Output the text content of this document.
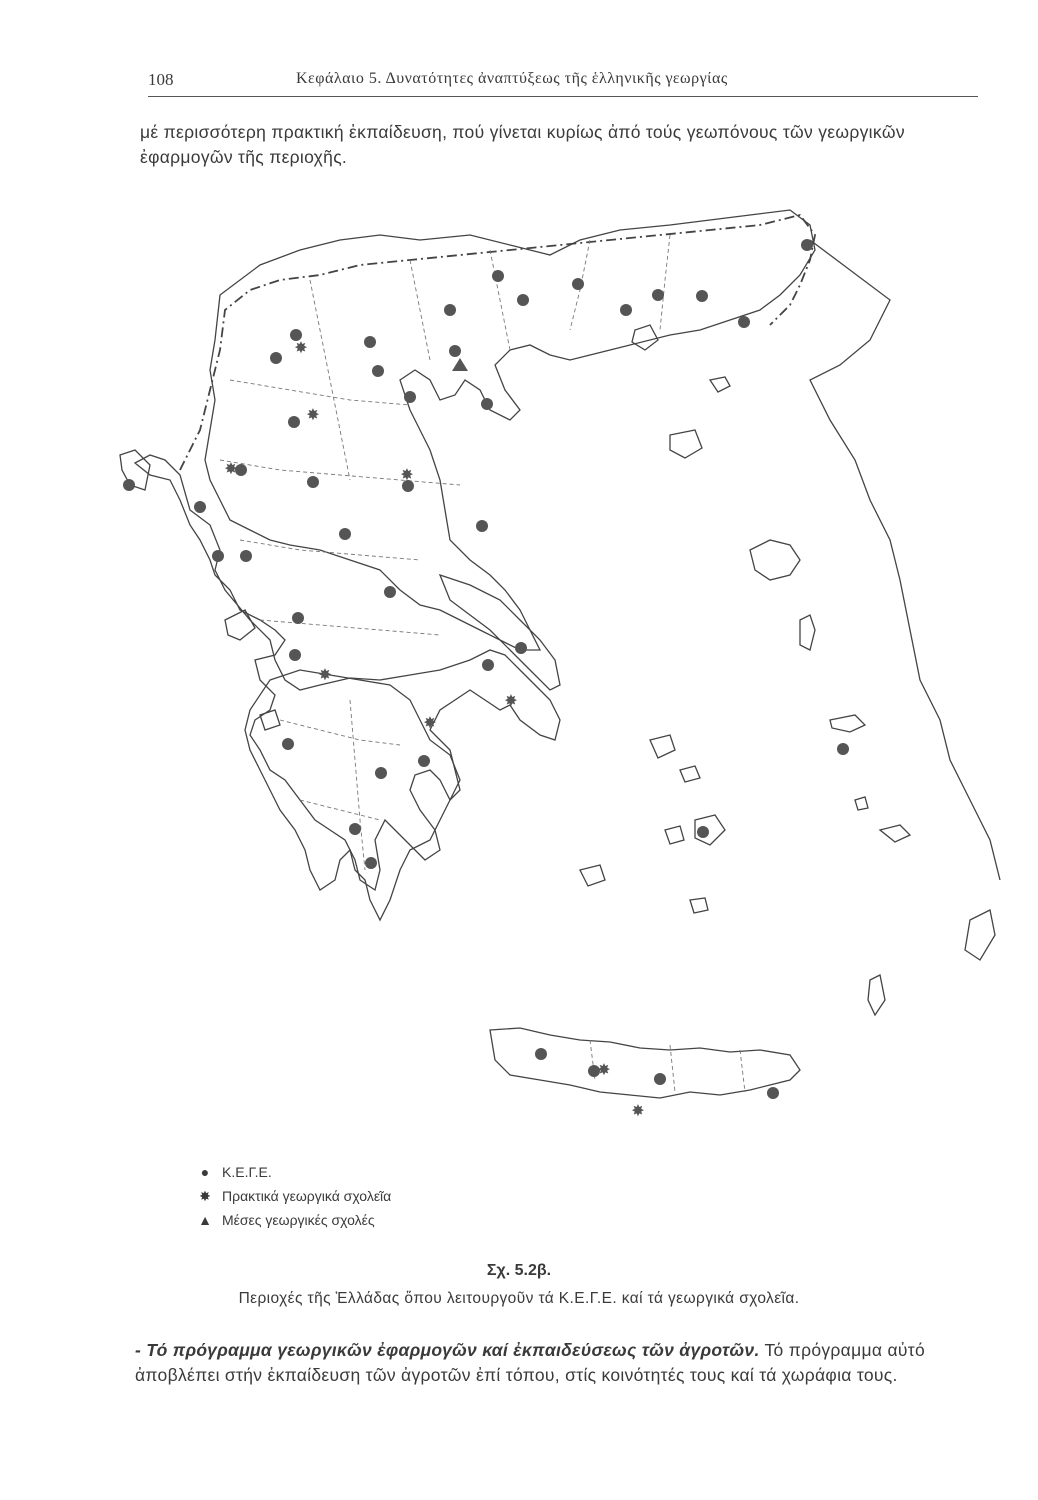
108	Κεφάλαιο 5. Δυνατότητες ἀναπτύξεως τῆς ἑλληνικῆς γεωργίας
μέ περισσότερη πρακτική ἐκπαίδευση, πού γίνεται κυρίως ἀπό τούς γεωπόνους τῶν γεωργικῶν ἐφαρμογῶν τῆς περιοχῆς.
✸
✸
✸	✸
✸
✸
✸
✸
✸
● Κ.Ε.Γ.Ε.
✸ Πρακτικά γεωργικά σχολεῖα
▲ Μέσες γεωργικές σχολές
Σχ. 5.2β.
Περιοχές τῆς Ἑλλάδας ὅπου λειτουργοῦν τά Κ.Ε.Γ.Ε. καί τά γεωργικά σχολεῖα.
- Τό πρόγραμμα γεωργικῶν ἐφαρμογῶν καί ἐκπαιδεύσεως τῶν ἀγροτῶν. Τό πρόγραμμα αὐτό ἀποβλέπει στήν ἐκπαίδευση τῶν ἀγροτῶν ἐπί τόπου, στίς κοινότητές τους καί τά χωράφια τους.
